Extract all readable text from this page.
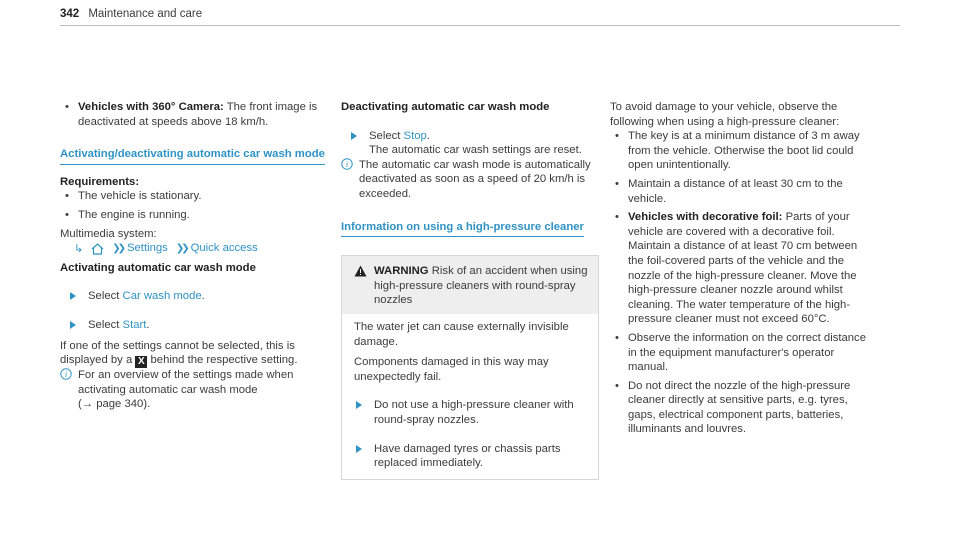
342 Maintenance and care
• Vehicles with 360° Camera: The front image is deactivated at speeds above 18 km/h.
Activating/deactivating automatic car wash mode

Requirements:

• The vehicle is stationary.
• The engine is running.

Multimedia system:

↳	❯❯ Settings ❯❯ Quick access

Activating automatic car wash mode

Select Car wash mode.
Select Start.

If one of the settings cannot be selected, this is displayed by a X behind the respective setting.

i For an overview of the settings made when activating automatic car wash mode
(→ page 340).

Deactivating automatic car wash mode

Select Stop.
The automatic car wash settings are reset.
i The automatic car wash mode is automatically deactivated as soon as a speed of 20 km/h is exceeded.
Information on using a high-pressure cleaner
WARNING Risk of an accident when using high-pressure cleaners with round-spray nozzles

The water jet can cause externally invisible damage.

Components damaged in this way may unexpectedly fail.

Do not use a high-pressure cleaner with round-spray nozzles.
Have damaged tyres or chassis parts replaced immediately.

To avoid damage to your vehicle, observe the following when using a high-pressure cleaner:

• The key is at a minimum distance of 3 m away from the vehicle. Otherwise the boot lid could open unintentionally.
• Maintain a distance of at least 30 cm to the vehicle.
• Vehicles with decorative foil: Parts of your vehicle are covered with a decorative foil. Maintain a distance of at least 70 cm between the foil-covered parts of the vehicle and the nozzle of the high-pressure cleaner. Move the high-pressure cleaner nozzle around whilst cleaning. The water temperature of the high-pressure cleaner must not exceed 60°C.
• Observe the information on the correct distance in the equipment manufacturer's operator manual.
• Do not direct the nozzle of the high-pressure cleaner directly at sensitive parts, e.g. tyres, gaps, electrical component parts, batteries, illuminants and louvres.
